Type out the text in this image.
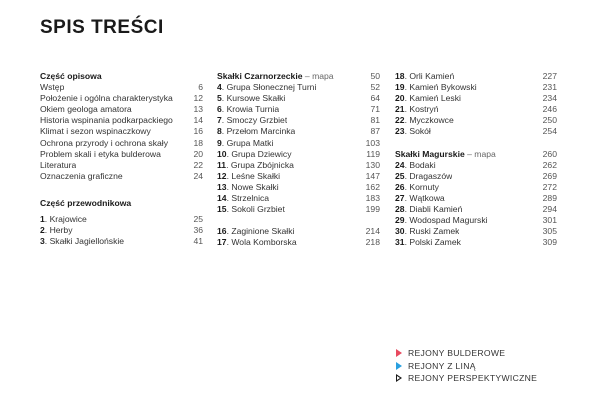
SPIS TREŚCI
Część opisowa
Wstęp	6
Położenie i ogólna charakterystyka	12
Okiem geologa amatora	13
Historia wspinania podkarpackiego	14
Klimat i sezon wspinaczkowy	16
Ochrona przyrody i ochrona skały	18
Problem skali i etyka bulderowa	20
Literatura	22
Oznaczenia graficzne	24
Część przewodnikowa
1. Krajowice	25
2. Herby	36
3. Skałki Jagiellońskie	41
Skałki Czarnorzeckie – mapa	50
4. Grupa Słonecznej Turni	52
5. Kursowe Skałki	64
6. Krowia Turnia	71
7. Smoczy Grzbiet	81
8. Przełom Marcinka	87
9. Grupa Matki	103
10. Grupa Dziewicy	119
11. Grupa Zbójnicka	130
12. Leśne Skałki	147
13. Nowe Skałki	162
14. Strzelnica	183
15. Sokoli Grzbiet	199
16. Zaginione Skałki	214
17. Wola Komborska	218
18. Orli Kamień	227
19. Kamień Bykowski	231
20. Kamień Leski	234
21. Kostryń	246
22. Myczkowce	250
23. Sokół	254
Skałki Magurskie – mapa	260
24. Bodaki	262
25. Dragaszów	269
26. Kornuty	272
27. Wątkowa	289
28. Diabli Kamień	294
29. Wodospad Magurski	301
30. Ruski Zamek	305
31. Polski Zamek	309
REJONY BULDEROWE
REJONY Z LINĄ
REJONY PERSPEKTYWICZNE
